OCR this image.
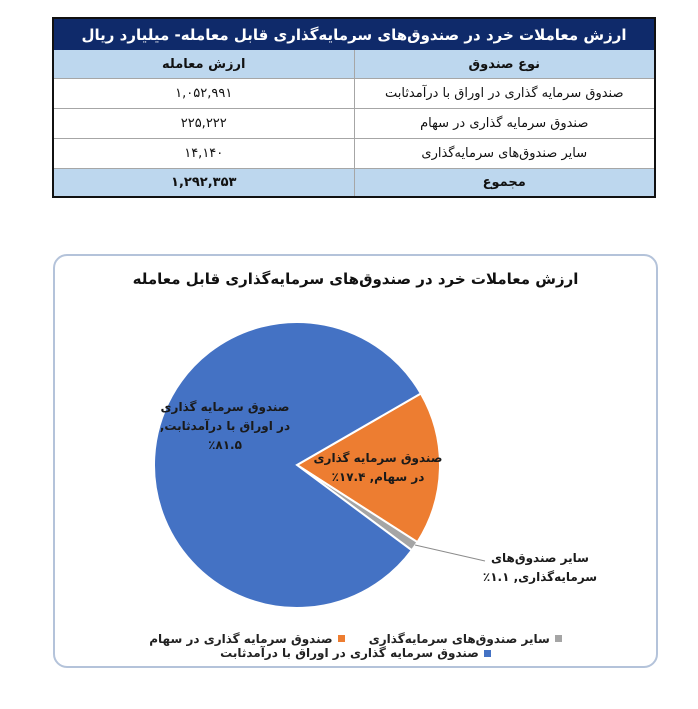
ارزش معاملات خرد در صندوق‌های سرمایه‌گذاری قابل معامله- میلیارد ریال	
نوع صندوق	ارزش معامله
صندوق سرمایه گذاری در اوراق با درآمدثابت	۱,۰۵۲,۹۹۱
صندوق سرمایه گذاری در سهام	۲۲۵,۲۲۲
سایر صندوق‌های سرمایه‌گذاری	۱۴,۱۴۰
مجموع	۱,۲۹۲,۳۵۳
ارزش معاملات خرد در صندوق‌های سرمایه‌گذاری قابل معامله
صندوق سرمایه گذاری
در اوراق با درآمدثابت,
٪۸۱.۵
صندوق سرمایه گذاری
در سهام, ۱۷.۴٪
سایر صندوق‌های
سرمایه‌گذاری, ۱.۱٪
سایر صندوق‌های سرمایه‌گذاری

صندوق سرمایه گذاری در سهام

صندوق سرمایه گذاری در اوراق با درآمدثابت
